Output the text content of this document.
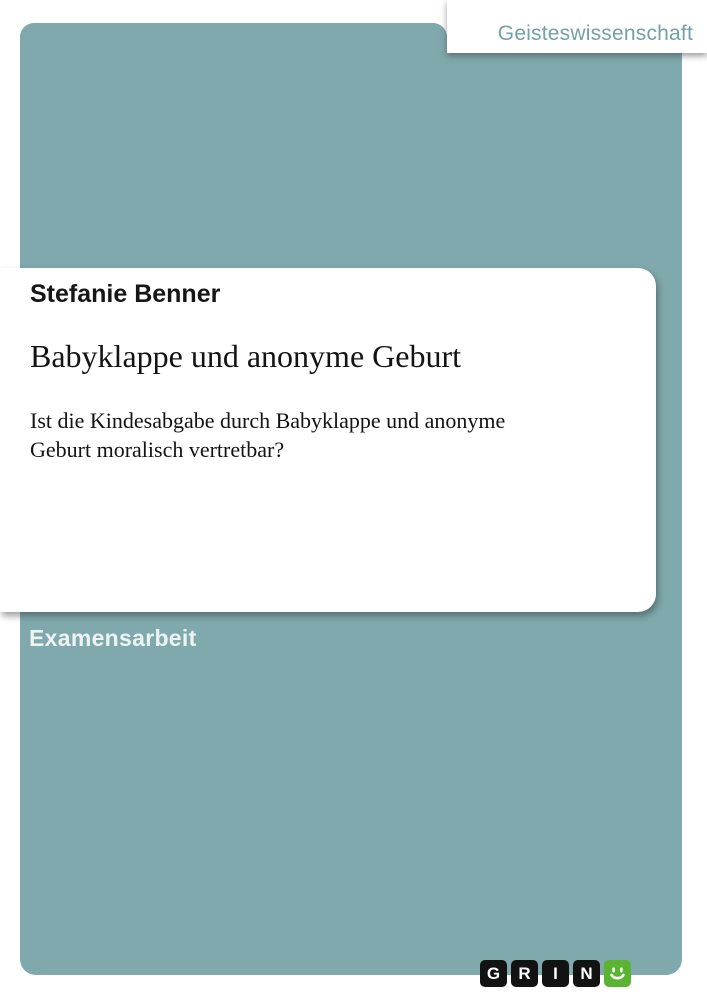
Geisteswissenschaft

Stefanie Benner

Babyklappe und anonyme Geburt

Ist die Kindesabgabe durch Babyklappe und anonyme
Geburt moralisch vertretbar?

Examensarbeit
G	R	I	N
